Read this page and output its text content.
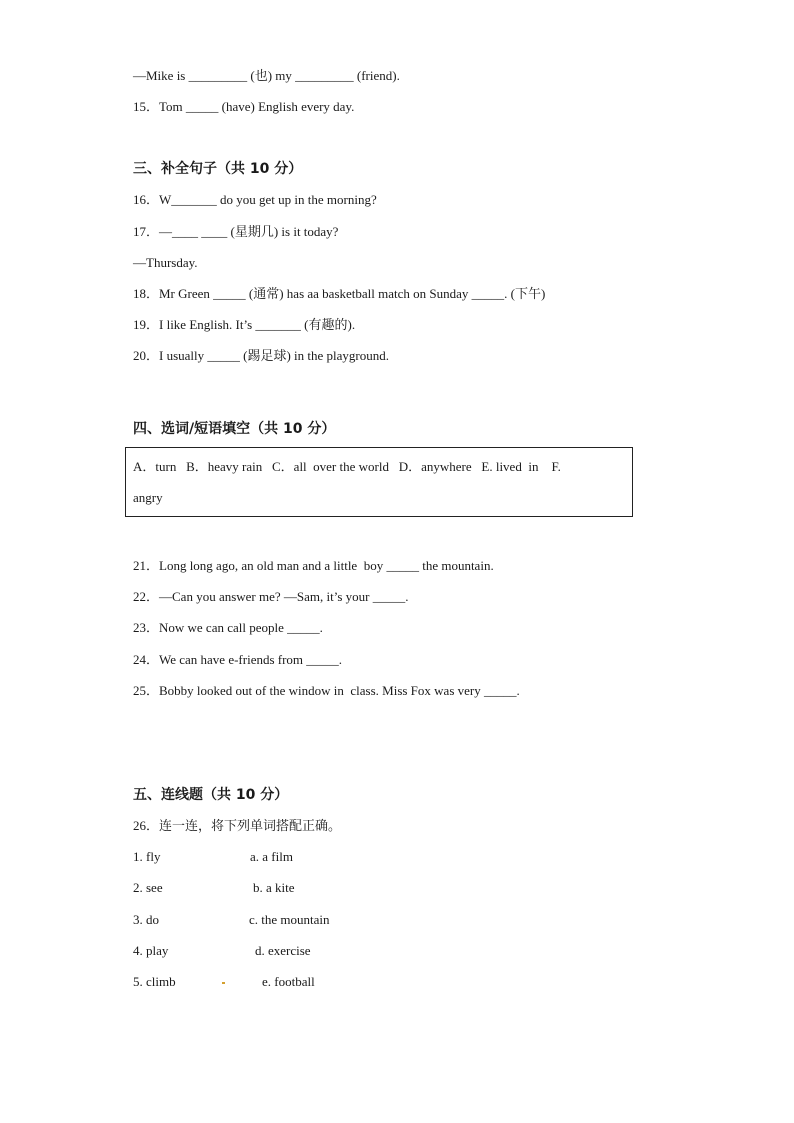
—Mike is _________ (也) my _________ (friend).
15．Tom _____ (have) English every day.
三、补全句子（共 10 分）
16．W_______ do you get up in the morning?
17．—____ ____ (星期几) is it today?
—Thursday.
18．Mr Green _____ (通常) has aa basketball match on Sunday _____. (下午)
19．I like English. It’s _______ (有趣的).
20．I usually _____ (踢足球) in the playground.
四、选词/短语填空（共 10 分）
A．turn   B．heavy rain   C．all  over the world   D．anywhere   E. lived  in    F.
angry
21．Long long ago, an old man and a little  boy _____ the mountain.
22．—Can you answer me? —Sam, it’s your _____.
23．Now we can call people _____.
24．We can have e-friends from _____.
25．Bobby looked out of the window in  class. Miss Fox was very _____.
五、连线题（共 10 分）
26．连一连，将下列单词搭配正确。
1. fly	a. a film
2. see	b. a kite
3. do	c. the mountain
4. play	d. exercise
5. climb	e. football
